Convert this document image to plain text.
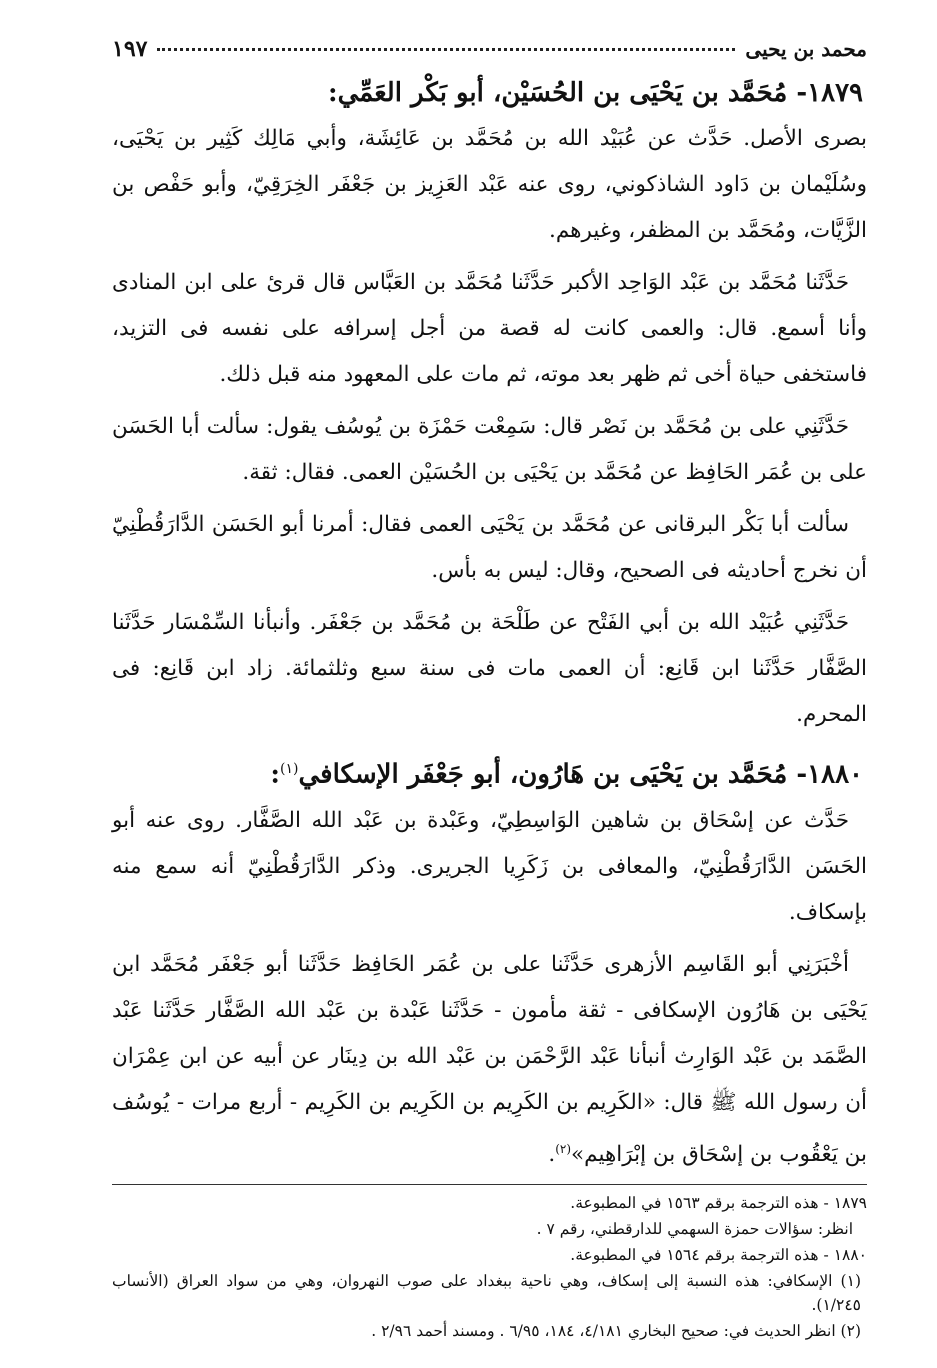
محمد بن يحيى
١٩٧
١٨٧٩- مُحَمَّد بن يَحْيَى بن الحُسَيْن، أبو بَكْر العَمِّي:

بصرى الأصل. حَدَّث عن عُبَيْد الله بن مُحَمَّد بن عَائِشَة، وأبي مَالِك كَثِير بن يَحْيَى، وسُلَيْمان بن دَاود الشاذكوني، روى عنه عَبْد العَزِيز بن جَعْفَر الخِرَقِيّ، وأبو حَفْص بن الزَّيَّات، ومُحَمَّد بن المظفر، وغيرهم.

حَدَّثَنا مُحَمَّد بن عَبْد الوَاحِد الأكبر حَدَّثَنا مُحَمَّد بن العَبَّاس قال قرئ على ابن المنادى وأنا أسمع. قال: والعمى كانت له قصة من أجل إسرافه على نفسه فى التزيد، فاستخفى حياة أخى ثم ظهر بعد موته، ثم مات على المعهود منه قبل ذلك.

حَدَّثَنِي على بن مُحَمَّد بن نَصْر قال: سَمِعْت حَمْزَة بن يُوسُف يقول: سألت أبا الحَسَن على بن عُمَر الحَافِظ عن مُحَمَّد بن يَحْيَى بن الحُسَيْن العمى. فقال: ثقة.

سألت أبا بَكْر البرقانى عن مُحَمَّد بن يَحْيَى العمى فقال: أمرنا أبو الحَسَن الدَّارَقُطْنِيّ أن نخرج أحاديثه فى الصحيح، وقال: ليس به بأس.

حَدَّثَنِي عُبَيْد الله بن أبي الفَتْح عن طَلْحَة بن مُحَمَّد بن جَعْفَر. وأنبأنا السِّمْسَار حَدَّثَنا الصَّفَّار حَدَّثَنا ابن قَانِع: أن العمى مات فى سنة سبع وثلثمائة. زاد ابن قَانِع: فى المحرم.

١٨٨٠- مُحَمَّد بن يَحْيَى بن هَارُون، أبو جَعْفَر الإسكافي$^{(١)}$:

حَدَّث عن إسْحَاق بن شاهين الوَاسِطِيّ، وعَبْدة بن عَبْد الله الصَّفَّار. روى عنه أبو الحَسَن الدَّارَقُطْنِيّ، والمعافى بن زَكَرِيا الجريرى. وذكر الدَّارَقُطْنِيّ أنه سمع منه بإسكاف.

أخْبَرَنِي أبو القَاسِم الأزهرى حَدَّثَنا على بن عُمَر الحَافِظ حَدَّثَنا أبو جَعْفَر مُحَمَّد ابن يَحْيَى بن هَارُون الإسكافى - ثقة مأمون - حَدَّثَنا عَبْدة بن عَبْد الله الصَّفَّار حَدَّثَنا عَبْد الصَّمَد بن عَبْد الوَارِث أنبأنا عَبْد الرَّحْمَن بن عَبْد الله بن دِينَار عن أبيه عن ابن عِمْرَان أن رسول الله ﷺ قال: «الكَرِيم بن الكَرِيم بن الكَرِيم بن الكَرِيم - أربع مرات - يُوسُف بن يَعْقُوب بن إسْحَاق بن إبْرَاهِيم»$^{(٢)}$.

١٨٧٩ - هذه الترجمة برقم ١٥٦٣ في المطبوعة.

انظر: سؤالات حمزة السهمي للدارقطني، رقم ٧ .

١٨٨٠ - هذه الترجمة برقم ١٥٦٤ في المطبوعة.

(١) الإسكافي: هذه النسبة إلى إسكاف، وهي ناحية ببغداد على صوب النهروان، وهي من سواد العراق (الأنساب ١/٢٤٥).

(٢) انظر الحديث في: صحيح البخاري ٤/١٨١، ١٨٤، ٦/٩٥ . ومسند أحمد ٢/٩٦ .
